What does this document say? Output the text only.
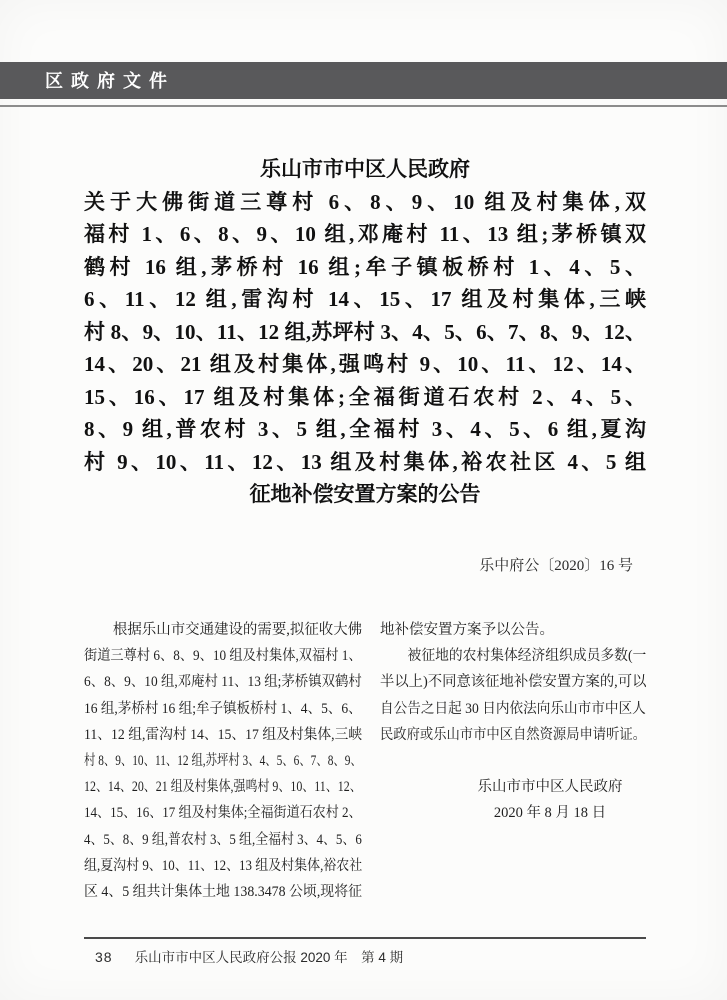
区政府文件
乐山市市中区人民政府
关于大佛街道三尊村 6、8、9、10 组及村集体,双
福村 1、6、8、9、10 组,邓庵村 11、13 组;茅桥镇双
鹤村 16 组,茅桥村 16 组;牟子镇板桥村 1、4、5、
6、11、12 组,雷沟村 14、15、17 组及村集体,三峡
村 8、9、10、11、12 组,苏坪村 3、4、5、6、7、8、9、12、
14、20、21 组及村集体,强鸣村 9、10、11、12、14、
15、16、17 组及村集体;全福街道石农村 2、4、5、
8、9 组,普农村 3、5 组,全福村 3、4、5、6 组,夏沟
村 9、10、11、12、13 组及村集体,裕农社区 4、5 组
征地补偿安置方案的公告
乐中府公〔2020〕16 号
　　根据乐山市交通建设的需要,拟征收大佛
街道三尊村 6、8、9、10 组及村集体,双福村 1、
6、8、9、10 组,邓庵村 11、13 组;茅桥镇双鹤村
16 组,茅桥村 16 组;牟子镇板桥村 1、4、5、6、
11、12 组,雷沟村 14、15、17 组及村集体,三峡
村 8、9、10、11、12 组,苏坪村 3、4、5、6、7、8、9、
12、14、20、21 组及村集体,强鸣村 9、10、11、12、
14、15、16、17 组及村集体;全福街道石农村 2、
4、5、8、9 组,普农村 3、5 组,全福村 3、4、5、6
组,夏沟村 9、10、11、12、13 组及村集体,裕农社
区 4、5 组共计集体土地 138.3478 公顷,现将征
地补偿安置方案予以公告。
　　被征地的农村集体经济组织成员多数(一
半以上)不同意该征地补偿安置方案的,可以
自公告之日起 30 日内依法向乐山市市中区人
民政府或乐山市市中区自然资源局申请听证。
乐山市市中区人民政府
2020 年 8 月 18 日
38 乐山市市中区人民政府公报 2020 年　第 4 期
